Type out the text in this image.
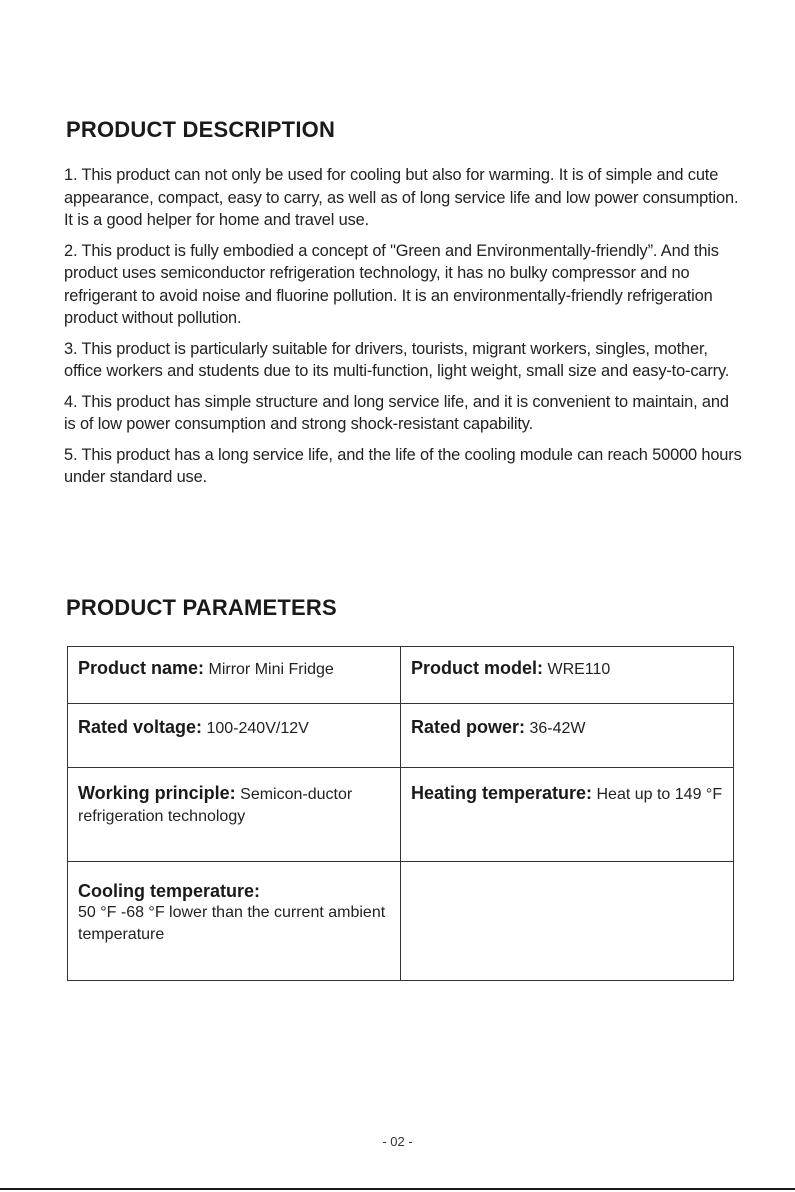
PRODUCT DESCRIPTION

1. This product can not only be used for cooling but also for warming. It is of simple and cute appearance, compact, easy to carry, as well as of long service life and low power consumption. It is a good helper for home and travel use.

2. This product is fully embodied a concept of "Green and Environmentally-friendly”. And this product uses semiconductor refrigeration technology, it has no bulky compressor and no refrigerant to avoid noise and fluorine pollution. It is an environmentally-friendly refrigeration product without pollution.

3. This product is particularly suitable for drivers, tourists, migrant workers, singles, mother, office workers and students due to its multi-function, light weight, small size and easy-to-carry.

4. This product has simple structure and long service life, and it is convenient to maintain, and is of low power consumption and strong shock-resistant capability.

5. This product has a long service life, and the life of the cooling module can reach 50000 hours under standard use.

PRODUCT PARAMETERS
Product name: Mirror Mini Fridge	Product model: WRE110
Rated voltage: 100-240V/12V	Rated power: 36-42W
Working principle: Semicon-ductor refrigeration technology	Heating temperature: Heat up to 149 °F

Cooling temperature:
50 °F -68 °F lower than the current ambient temperature	

- 02 -
